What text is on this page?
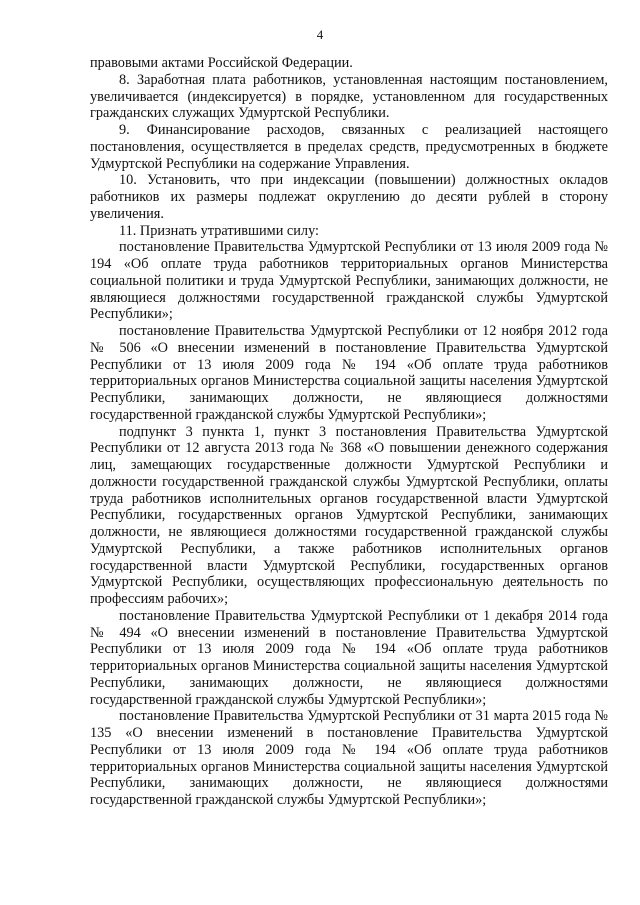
4

правовыми актами Российской Федерации.

8. Заработная плата работников, установленная настоящим постановлением, увеличивается (индексируется) в порядке, установленном для государственных гражданских служащих Удмуртской Республики.

9. Финансирование расходов, связанных с реализацией настоящего постановления, осуществляется в пределах средств, предусмотренных в бюджете Удмуртской Республики на содержание Управления.

10. Установить, что при индексации (повышении) должностных окладов работников их размеры подлежат округлению до десяти рублей в сторону увеличения.

11. Признать утратившими силу:

постановление Правительства Удмуртской Республики от 13 июля 2009 года № 194 «Об оплате труда работников территориальных органов Министерства социальной политики и труда Удмуртской Республики, занимающих должности, не являющиеся должностями государственной гражданской службы Удмуртской Республики»;

постановление Правительства Удмуртской Республики от 12 ноября 2012 года № 506 «О внесении изменений в постановление Правительства Удмуртской Республики от 13 июля 2009 года № 194 «Об оплате труда работников территориальных органов Министерства социальной защиты населения Удмуртской Республики, занимающих должности, не являющиеся должностями государственной гражданской службы Удмуртской Республики»;

подпункт 3 пункта 1, пункт 3 постановления Правительства Удмуртской Республики от 12 августа 2013 года № 368 «О повышении денежного содержания лиц, замещающих государственные должности Удмуртской Республики и должности государственной гражданской службы Удмуртской Республики, оплаты труда работников исполнительных органов государственной власти Удмуртской Республики, государственных органов Удмуртской Республики, занимающих должности, не являющиеся должностями государственной гражданской службы Удмуртской Республики, а также работников исполнительных органов государственной власти Удмуртской Республики, государственных органов Удмуртской Республики, осуществляющих профессиональную деятельность по профессиям рабочих»;

постановление Правительства Удмуртской Республики от 1 декабря 2014 года № 494 «О внесении изменений в постановление Правительства Удмуртской Республики от 13 июля 2009 года № 194 «Об оплате труда работников территориальных органов Министерства социальной защиты населения Удмуртской Республики, занимающих должности, не являющиеся должностями государственной гражданской службы Удмуртской Республики»;

постановление Правительства Удмуртской Республики от 31 марта 2015 года № 135 «О внесении изменений в постановление Правительства Удмуртской Республики от 13 июля 2009 года № 194 «Об оплате труда работников территориальных органов Министерства социальной защиты населения Удмуртской Республики, занимающих должности, не являющиеся должностями государственной гражданской службы Удмуртской Республики»;
